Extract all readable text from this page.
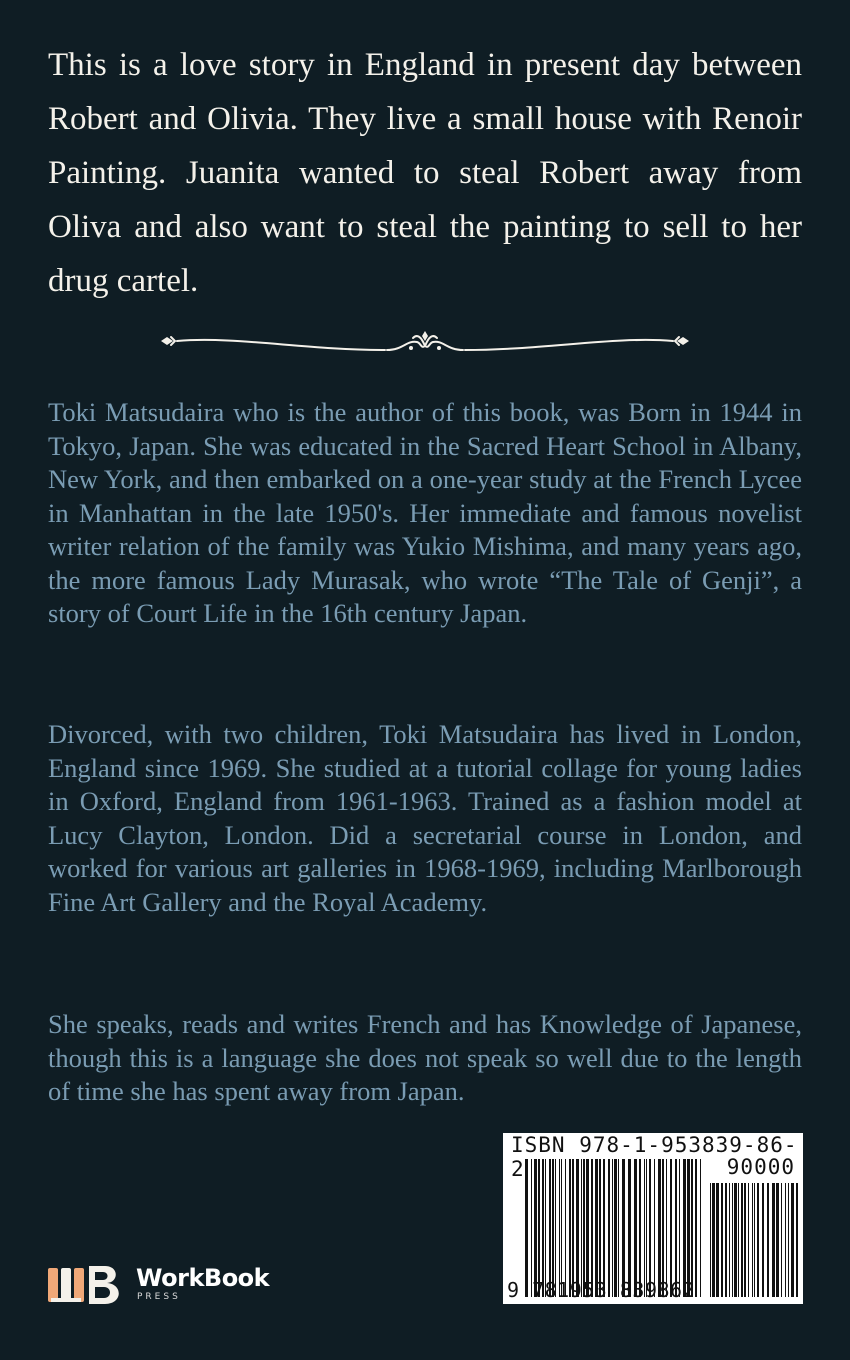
This is a love story in England in present day between Robert and Olivia. They live a small house with Renoir Painting. Juanita wanted to steal Robert away from Oliva and also want to steal the painting to sell to her drug cartel.

Toki Matsudaira who is the author of this book, was Born in 1944 in Tokyo, Japan. She was educated in the Sacred Heart School in Albany, New York, and then embarked on a one-year study at the French Lycee in Manhattan in the late 1950's. Her immediate and famous novelist writer relation of the family was Yukio Mishima, and many years ago, the more famous Lady Murasak, who wrote “The Tale of Genji”, a story of Court Life in the 16th century Japan.

Divorced, with two children, Toki Matsudaira has lived in London, England since 1969. She studied at a tutorial collage for young ladies in Oxford, England from 1961-1963. Trained as a fashion model at Lucy Clayton, London. Did a secretarial course in London, and worked for various art galleries in 1968-1969, including Marlborough Fine Art Gallery and the Royal Academy.

She speaks, reads and writes French and has Knowledge of Japanese, though this is a language she does not speak so well due to the length of time she has spent away from Japan.

ISBN 978-1-953839-86-2	90000
9 781953 839862
WorkBook
PRESS
